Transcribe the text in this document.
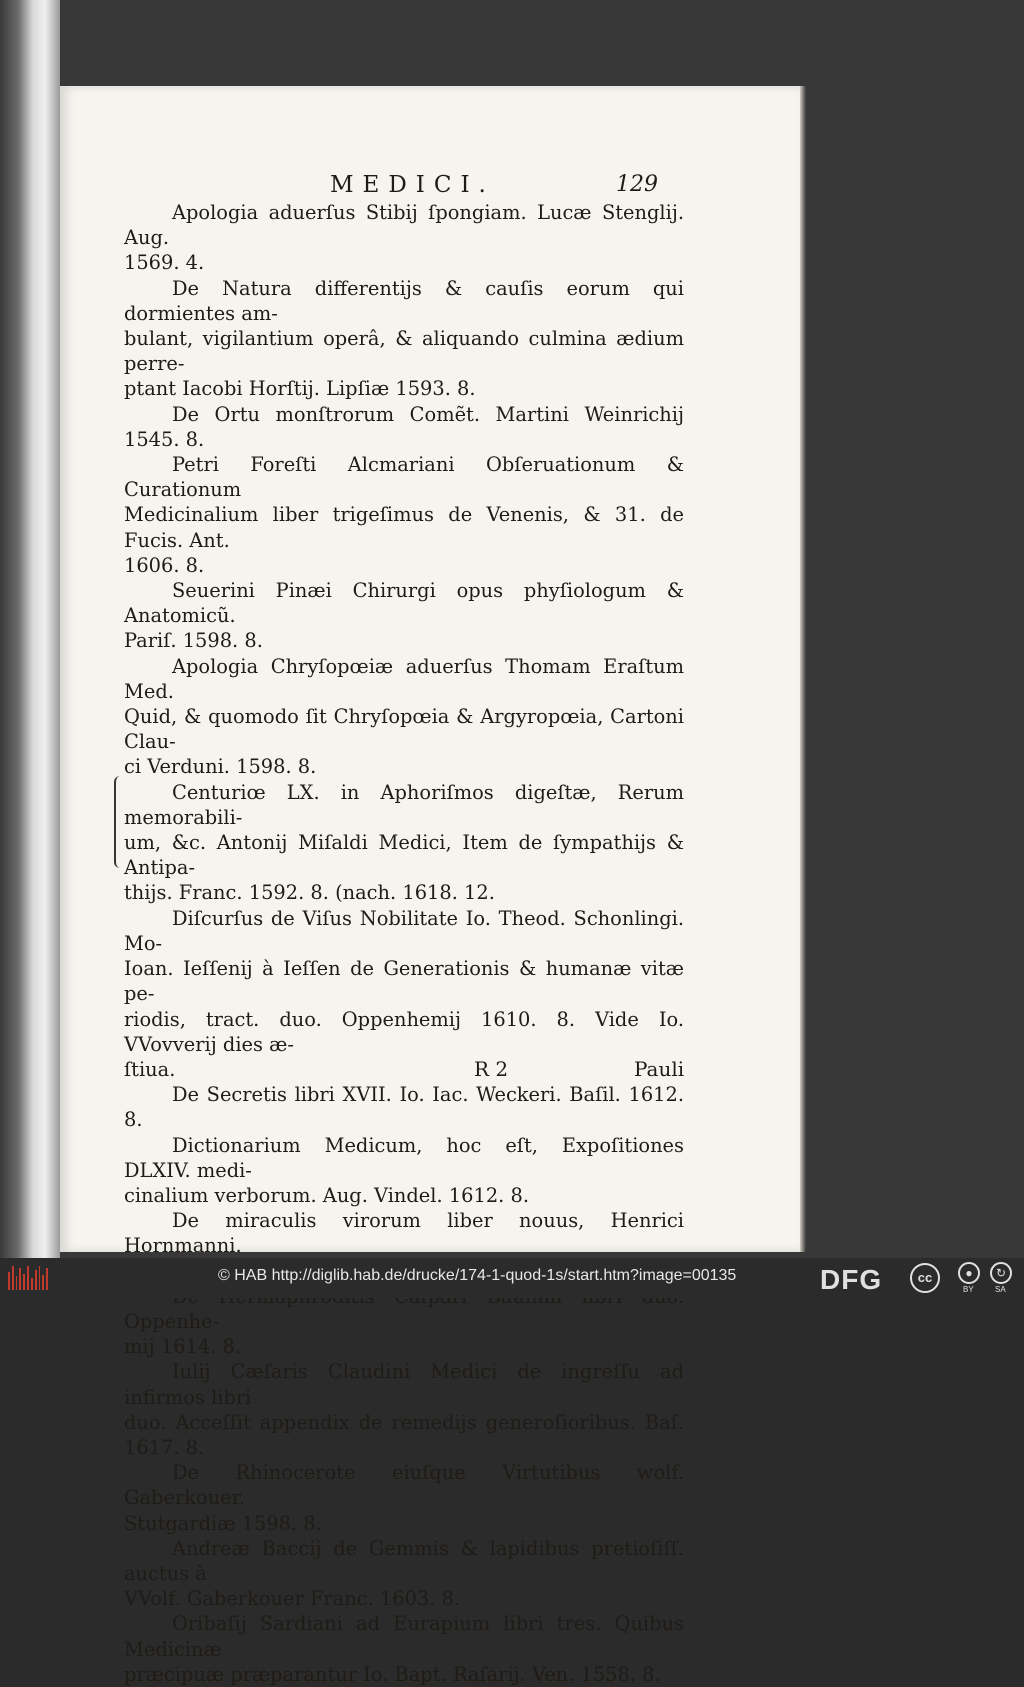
MEDICI.	129

Apologia aduerſus Stibij ſpongiam. Lucæ Stenglij. Aug.
1569. 4.

De Natura differentijs & cauſis eorum qui dormientes am-
bulant, vigilantium operâ, & aliquando culmina ædium perre-
ptant Iacobi Horſtij. Lipſiæ 1593. 8.

De Ortu monſtrorum Comẽt. Martini Weinrichij 1545. 8.

Petri Foreſti Alcmariani Obſeruationum & Curationum
Medicinalium liber trigeſimus de Venenis, & 31. de Fucis. Ant.
1606. 8.

Seuerini Pinæi Chirurgi opus phyſiologum & Anatomicũ.
Pariſ. 1598. 8.

Apologia Chryſopœiæ aduerſus Thomam Eraſtum Med.
Quid, & quomodo ſit Chryſopœia & Argyropœia, Cartoni Clau-
ci Verduni. 1598. 8.

Centuriœ LX. in Aphoriſmos digeſtæ, Rerum memorabili-
um, &c. Antonij Miſaldi Medici, Item de ſympathijs & Antipa-
thijs. Franc. 1592. 8. (nach. 1618. 12.

Diſcurſus de Viſus Nobilitate Io. Theod. Schonlingi. Mo-
Ioan. Ieſſenij à Ieſſen de Generationis & humanæ vitæ pe-
riodis, tract. duo. Oppenhemij 1610. 8. Vide Io. VVovverij dies æ-
ſtiua.

De Secretis libri XVII. Io. Iac. Weckeri. Baſil. 1612. 8.

Dictionarium Medicum, hoc eſt, Expoſitiones DLXIV. medi-
cinalium verborum. Aug. Vindel. 1612. 8.

De miraculis virorum liber nouus, Henrici Hornmanni.

Oppenhe-
mij 1614. 8.

Iulij Cæſaris Claudini Medici de ingreſſu ad infirmos libri
duo. Acceſſit appendix de remedijs generoſioribus. Baſ. 1617. 8.

De Rhinocerote eiuſque Virtutibus wolf. Gaberkouer.
Stutgardiæ 1598. 8.

Andreæ Baccij de Gemmis & lapidibus pretioſiſſ. auctus à
VVolf. Gaberkouer Franc. 1603. 8.

Oribaſij Sardiani ad Eurapium libri tres. Quibus Medicinæ
præcipuæ præparantur Io. Bapt. Raſarij. Ven. 1558. 8.

R 2	Pauli
© HAB http://diglib.hab.de/drucke/174-1-quod-1s/start.htm?image=00135	DFG	cc	●
BY
↻
SA
